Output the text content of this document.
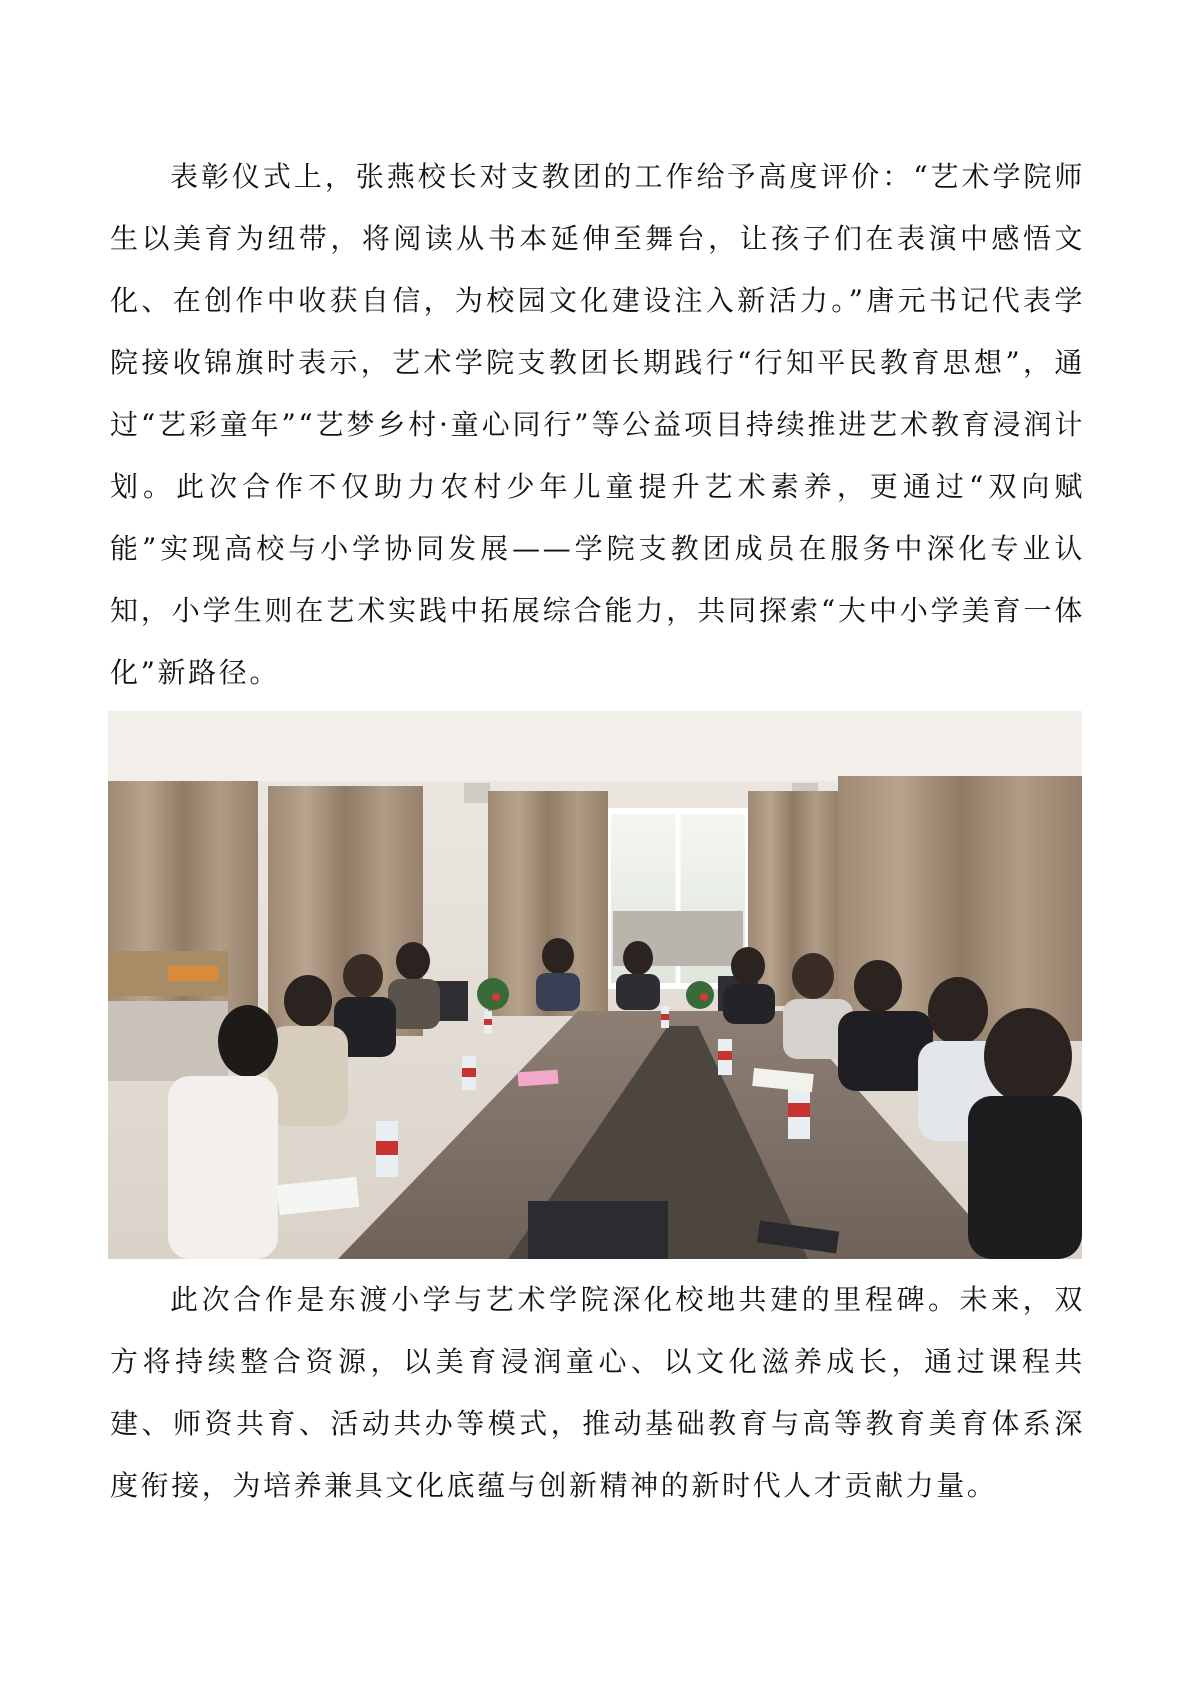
表彰仪式上，张燕校长对支教团的工作给予高度评价：“艺术学院师生以美育为纽带，将阅读从书本延伸至舞台，让孩子们在表演中感悟文化、在创作中收获自信，为校园文化建设注入新活力。”唐元书记代表学院接收锦旗时表示，艺术学院支教团长期践行“行知平民教育思想”，通过“艺彩童年”“艺梦乡村·童心同行”等公益项目持续推进艺术教育浸润计划。此次合作不仅助力农村少年儿童提升艺术素养，更通过“双向赋能”实现高校与小学协同发展——学院支教团成员在服务中深化专业认知，小学生则在艺术实践中拓展综合能力，共同探索“大中小学美育一体化”新路径。

此次合作是东渡小学与艺术学院深化校地共建的里程碑。未来，双方将持续整合资源，以美育浸润童心、以文化滋养成长，通过课程共建、师资共育、活动共办等模式，推动基础教育与高等教育美育体系深度衔接，为培养兼具文化底蕴与创新精神的新时代人才贡献力量。
